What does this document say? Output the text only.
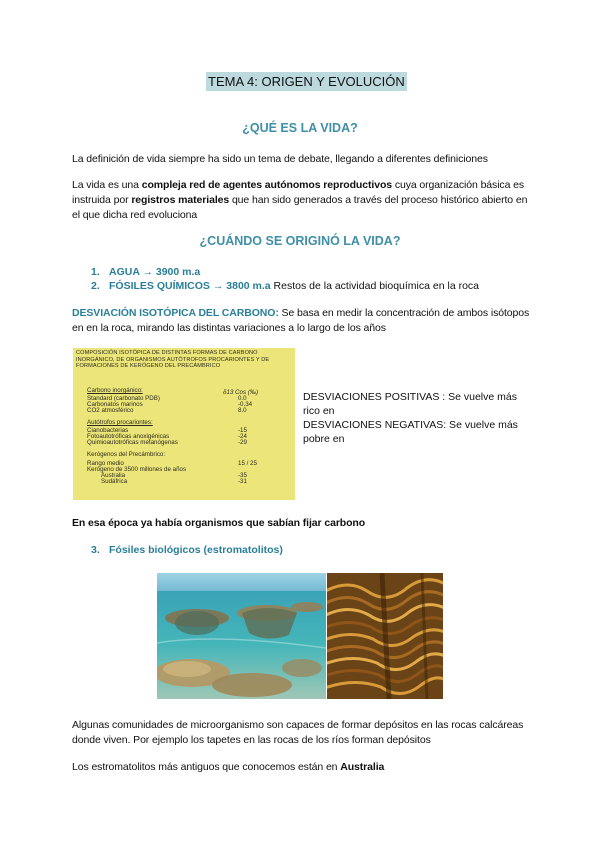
TEMA 4: ORIGEN Y EVOLUCIÓN
¿QUÉ ES LA VIDA?
La definición de vida siempre ha sido un tema de debate, llegando a diferentes definiciones
La vida es una compleja red de agentes autónomos reproductivos cuya organización básica es instruida por registros materiales que han sido generados a través del proceso histórico abierto en el que dicha red evoluciona
¿CUÁNDO SE ORIGINÓ LA VIDA?
1. AGUA → 3900 m.a
2. FÓSILES QUÍMICOS → 3800 m.a Restos de la actividad bioquímica en la roca
DESVIACIÓN ISOTÓPICA DEL CARBONO: Se basa en medir la concentración de ambos isótopos en en la roca, mirando las distintas variaciones a lo largo de los años
COMPOSICIÓN ISOTÓPICA DE DISTINTAS FORMAS DE CARBONO INORGÁNICO, DE ORGANISMOS AUTÓTROFOS PROCARIONTES Y DE FORMACIONES DE KERÓGENO DEL PRECÁMBRICO
δ13 Cos (‰)
Carbono inorgánico:
Standard (carbonato PDB)	0.0
Carbonatos marinos	-0.34
CO2 atmosférico	8.0
Autótrofos procariontes:
Cianobacterias	-15
Fotoautotróficas anoxigénicas	-24
Quimioautotróficas metanógenas	-29
Kerógenos del Precámbrico:
Rango medio	15 / 25
Kerógeno de 3500 millones de años
Australia	-35
Sudáfrica	-31
DESVIACIONES POSITIVAS : Se vuelve más rico en
DESVIACIONES NEGATIVAS: Se vuelve más pobre en
En esa época ya había organismos que sabían fijar carbono
3. Fósiles biológicos (estromatolitos)
Algunas comunidades de microorganismo son capaces de formar depósitos en las rocas calcáreas donde viven. Por ejemplo los tapetes en las rocas de los ríos forman depósitos
Los estromatolitos más antiguos que conocemos están en Australia
